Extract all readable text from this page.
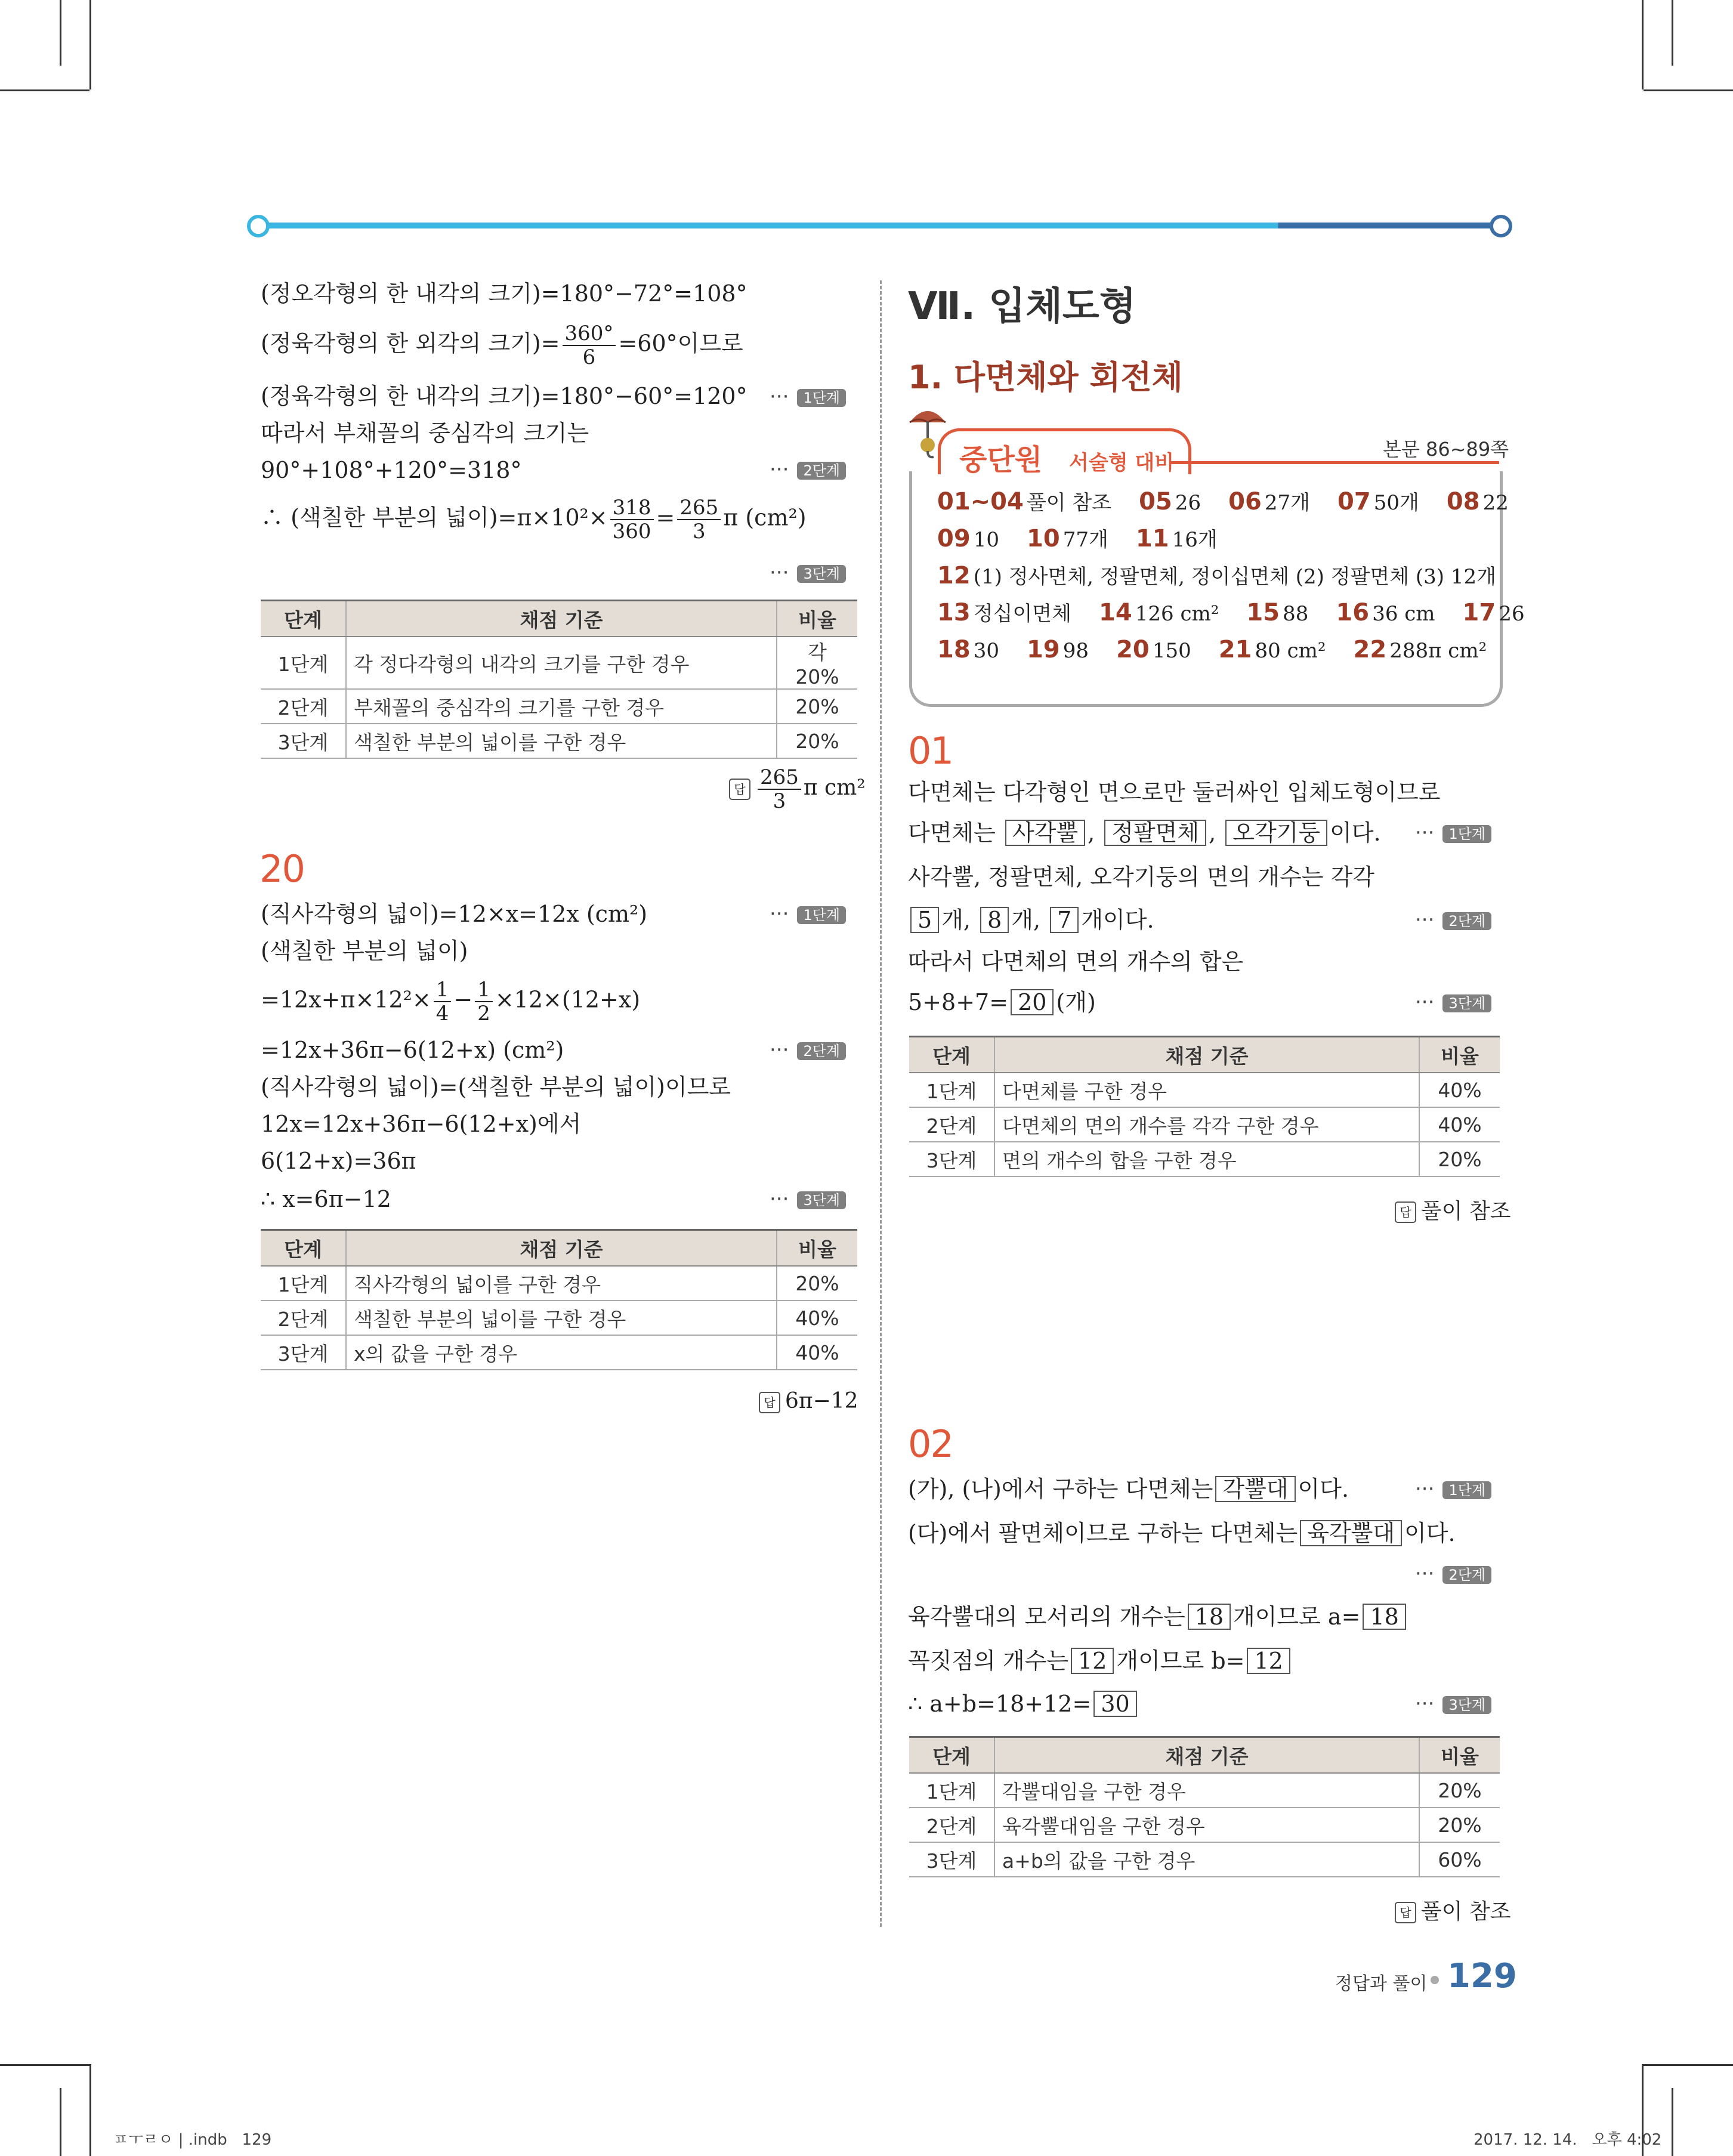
(정오각형의 한 내각의 크기)=180°−72°=108°
(정육각형의 한 외각의 크기)= $\frac{360^\circ}{6} =60^\circ$이므로
(정육각형의 한 내각의 크기)=180°−60°=120° ··· 1단계
따라서 부채꼴의 중심각의 크기는
90°+108°+120°=318°	··· 2단계
∴ (색칠한 부분의 넓이)$=\pi\times 10^2\times \frac{318}{360} = \frac{265}{3}$ π (cm²)
··· 3단계
단계	채점 기준	비율
1단계	각 정다각형의 내각의 크기를 구한 경우	각 20%
2단계	부채꼴의 중심각의 크기를 구한 경우	20%
3단계	색칠한 부분의 넓이를 구한 경우	20%
답 $\frac{265}{3}$ π cm²
20
(직사각형의 넓이)=12×x=12x (cm²)	··· 1단계
(색칠한 부분의 넓이)
$=12x+\pi\times 12^2\times \frac{1}{4} - \frac{1}{2} \times 12\times(12+x)$
=12x+36π−6(12+x) (cm²)	··· 2단계
(직사각형의 넓이)=(색칠한 부분의 넓이)이므로
12x=12x+36π−6(12+x)에서
6(12+x)=36π
∴ x=6π−12	··· 3단계
단계	채점 기준	비율
1단계	직사각형의 넓이를 구한 경우	20%
2단계	색칠한 부분의 넓이를 구한 경우	40%
3단계	x의 값을 구한 경우	40%
답 6π−12
Ⅶ. 입체도형
1. 다면체와 회전체
중단원 서술형 대비
본문 86~89쪽
01~04 풀이 참조 05 26 06 27개 07 50개 08 22
09 10 10 77개 11 16개
12 (1) 정사면체, 정팔면체, 정이십면체 (2) 정팔면체 (3) 12개
13 정십이면체 14 126 cm² 15 88 16 36 cm 17 26
18 30 19 98 20 150 21 80 cm² 22 288π cm²
01
다면체는 다각형인 면으로만 둘러싸인 입체도형이므로
다면체는 사각뿔 , 정팔면체 , 오각기둥 이다. ··· 1단계
사각뿔, 정팔면체, 오각기둥의 면의 개수는 각각
5 개, 8 개, 7 개이다.	··· 2단계
따라서 다면체의 면의 개수의 합은
5+8+7= 20 (개)	··· 3단계
단계	채점 기준	비율
1단계	다면체를 구한 경우	40%
2단계	다면체의 면의 개수를 각각 구한 경우	40%
3단계	면의 개수의 합을 구한 경우	20%
답 풀이 참조
02
(가), (나)에서 구하는 다면체는 각뿔대 이다.	··· 1단계
(다)에서 팔면체이므로 구하는 다면체는 육각뿔대 이다.
··· 2단계
육각뿔대의 모서리의 개수는 18 개이므로 a= 18
꼭짓점의 개수는 12 개이므로 b= 12
∴ a+b=18+12= 30	··· 3단계
단계	채점 기준	비율
1단계	각뿔대임을 구한 경우	20%
2단계	육각뿔대임을 구한 경우	20%
3단계	a+b의 값을 구한 경우	60%
답 풀이 참조
정답과 풀이 129
ㅍㅜㄹㅇ | .indb   129	2017. 12. 14.   오후 4:02
